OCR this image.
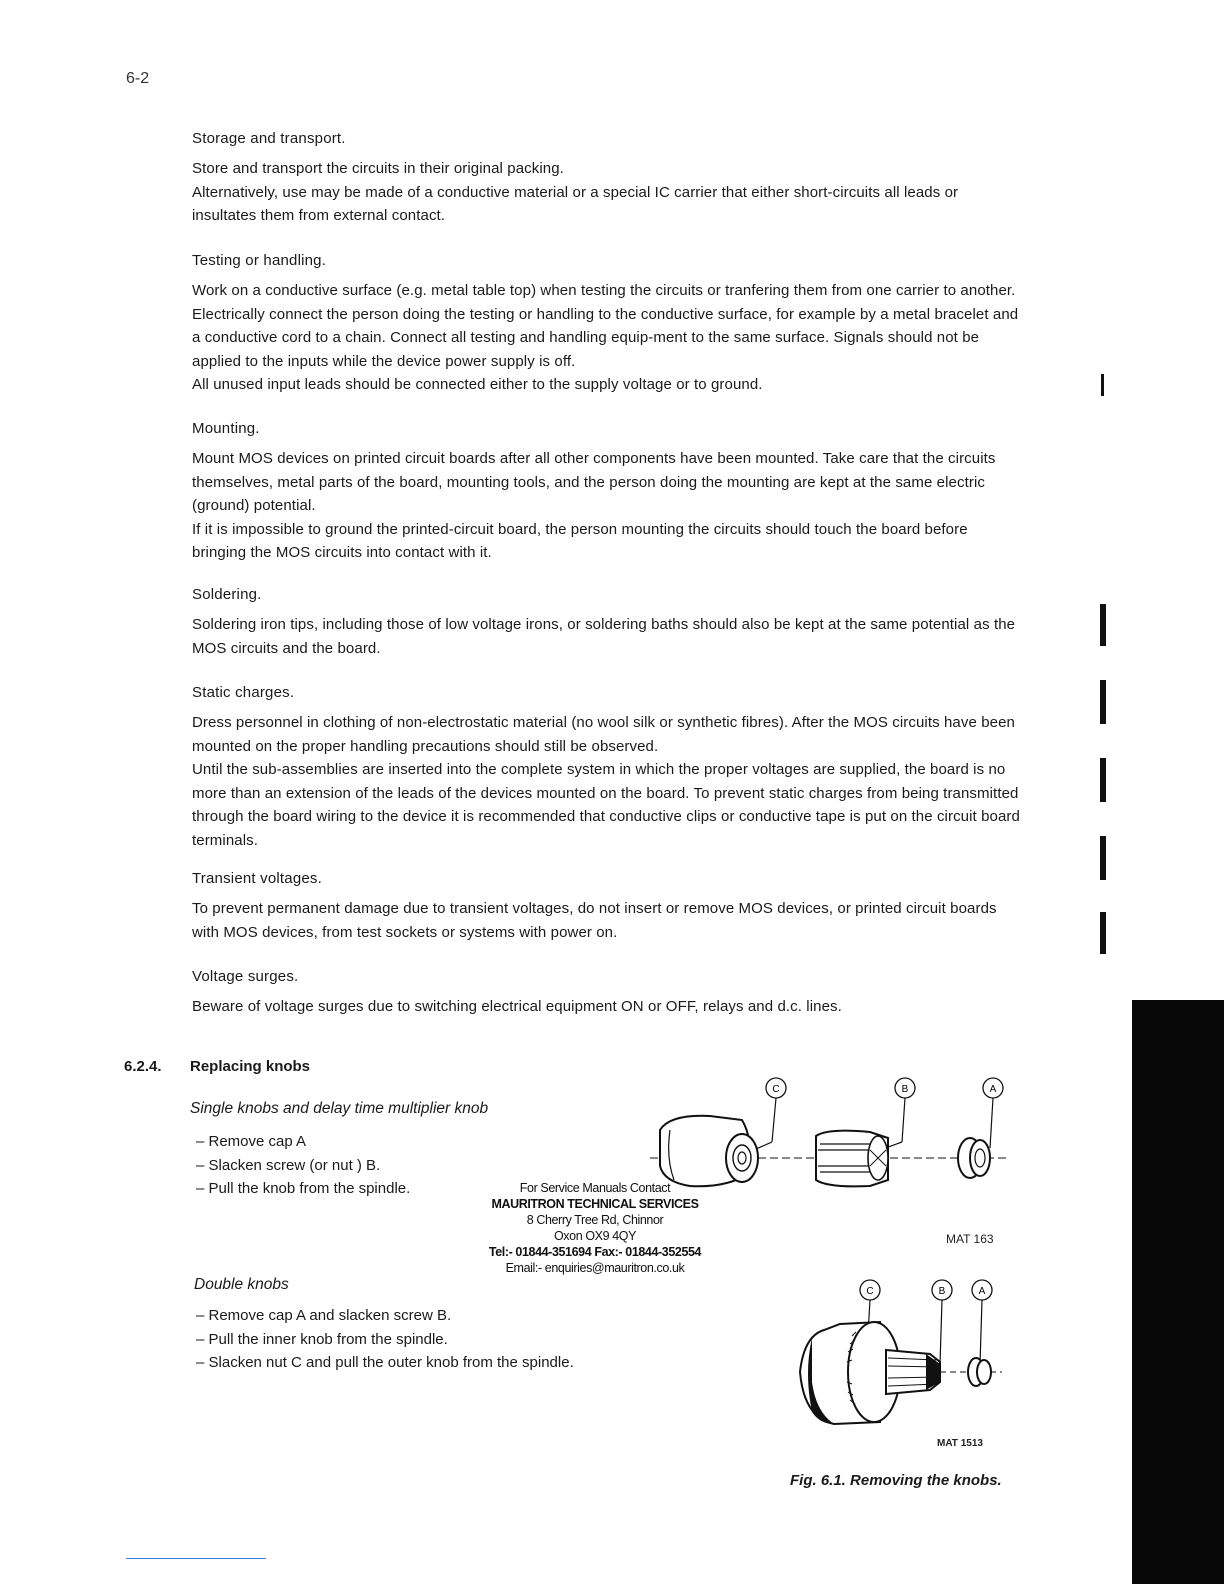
6-2
Storage and transport.

Store and transport the circuits in their original packing.

Alternatively, use may be made of a conductive material or a special IC carrier that either short-circuits all leads or insultates them from external contact.

Testing or handling.

Work on a conductive surface (e.g. metal table top) when testing the circuits or tranfering them from one carrier to another. Electrically connect the person doing the testing or handling to the conductive surface, for example by a metal bracelet and a conductive cord to a chain. Connect all testing and handling equip-ment to the same surface. Signals should not be applied to the inputs while the device power supply is off.

All unused input leads should be connected either to the supply voltage or to ground.

Mounting.

Mount MOS devices on printed circuit boards after all other components have been mounted. Take care that the circuits themselves, metal parts of the board, mounting tools, and the person doing the mounting are kept at the same electric (ground) potential.

If it is impossible to ground the printed-circuit board, the person mounting the circuits should touch the board before bringing the MOS circuits into contact with it.

Soldering.

Soldering iron tips, including those of low voltage irons, or soldering baths should also be kept at the same potential as the MOS circuits and the board.

Static charges.

Dress personnel in clothing of non-electrostatic material (no wool silk or synthetic fibres). After the MOS circuits have been mounted on the proper handling precautions should still be observed.

Until the sub-assemblies are inserted into the complete system in which the proper voltages are supplied, the board is no more than an extension of the leads of the devices mounted on the board. To prevent static charges from being transmitted through the board wiring to the device it is recommended that conductive clips or conductive tape is put on the circuit board terminals.

Transient voltages.

To prevent permanent damage due to transient voltages, do not insert or remove MOS devices, or printed circuit boards with MOS devices, from test sockets or systems with power on.

Voltage surges.

Beware of voltage surges due to switching electrical equipment ON or OFF, relays and d.c. lines.

6.2.4. Replacing knobs
Single knobs and delay time multiplier knob
– Remove cap A
– Slacken screw (or nut ) B.
– Pull the knob from the spindle.
Double knobs
– Remove cap A and slacken screw B.
– Pull the inner knob from the spindle.
– Slacken nut C and pull the outer knob from the spindle.
For Service Manuals Contact
MAURITRON TECHNICAL SERVICES
8 Cherry Tree Rd, Chinnor
Oxon OX9 4QY
Tel:- 01844-351694 Fax:- 01844-352554
Email:- enquiries@mauritron.co.uk
C	B	A
MAT 163
C	B	A
MAT 1513
Fig. 6.1. Removing the knobs.
